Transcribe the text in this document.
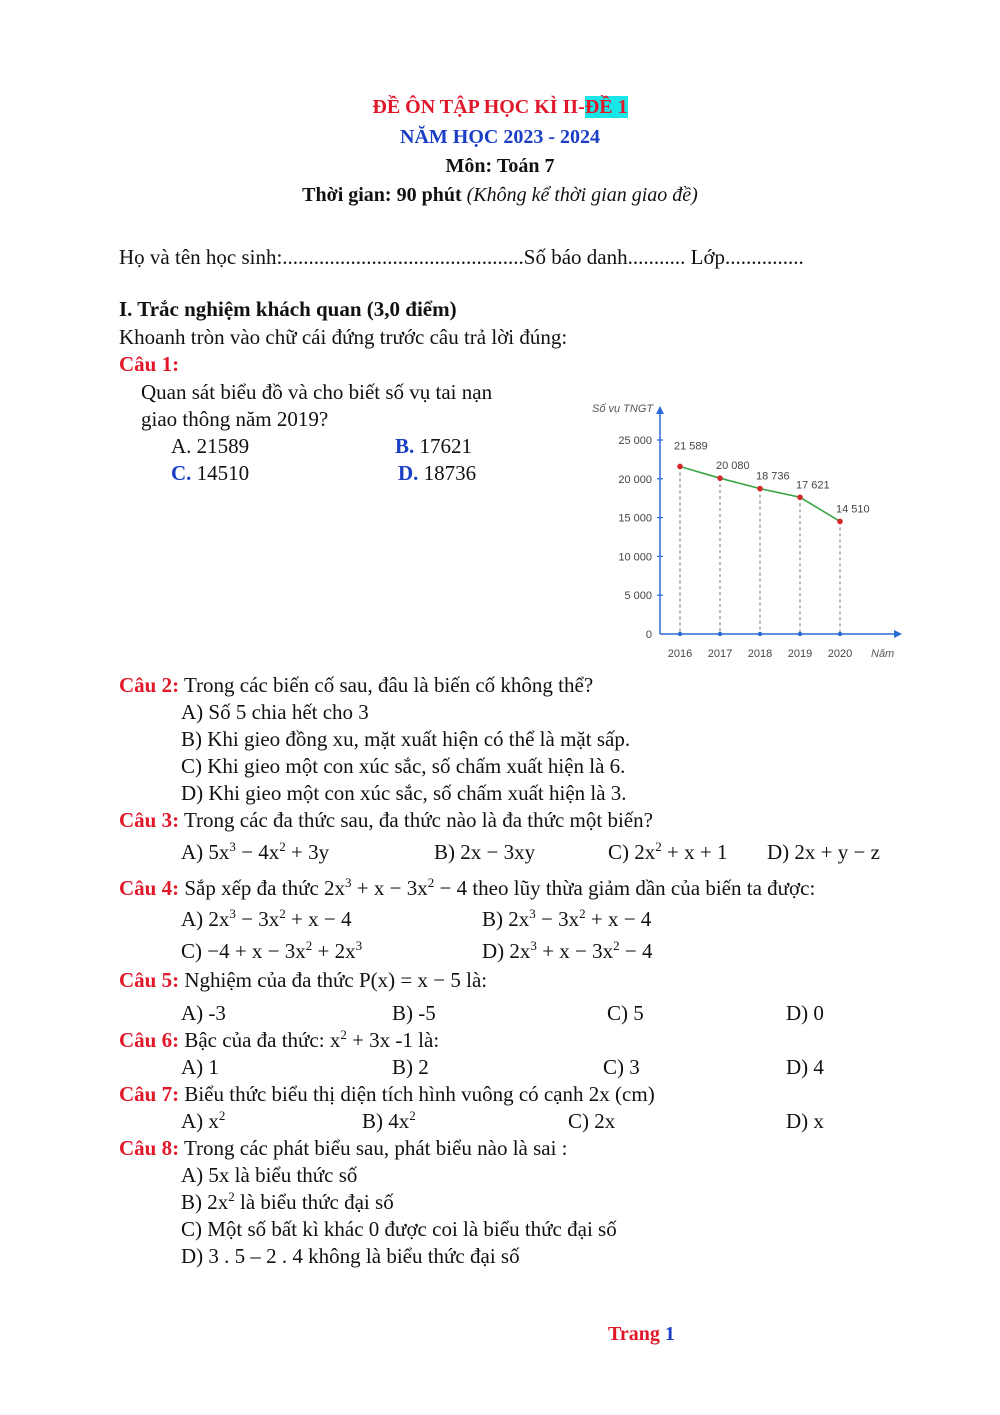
ĐỀ ÔN TẬP HỌC KÌ II-ĐỀ 1
NĂM HỌC 2023 - 2024
Môn: Toán 7
Thời gian: 90 phút (Không kể thời gian giao đề)
Họ và tên học sinh:..............................................Số báo danh........... Lớp...............
I. Trắc nghiệm khách quan (3,0 điểm)
Khoanh tròn vào chữ cái đứng trước câu trả lời đúng:
Câu 1:
Quan sát biểu đồ và cho biết số vụ tai nạn
giao thông năm 2019?
A. 21589	B. 17621
C. 14510	D. 18736
Số vụ TNGT
Năm
0
5 000
10 000
15 000
20 000
25 000
2016 2017 2018 2019 2020
21 589
20 080
18 736
17 621
14 510
Câu 2: Trong các biến cố sau, đâu là biến cố không thể?
A) Số 5 chia hết cho 3
B) Khi gieo đồng xu, mặt xuất hiện có thể là mặt sấp.
C) Khi gieo một con xúc sắc, số chấm xuất hiện là 6.
D) Khi gieo một con xúc sắc, số chấm xuất hiện là 3.
Câu 3: Trong các đa thức sau, đa thức nào là đa thức một biến?
A) $5x^3 - 4x^2 + 3y$	B) 2x − 3xy	C) $2x^2 + x + 1$ D) 2x + y − z
Câu 4: Sắp xếp đa thức $2x^3 + x - 3x^2 - 4$ theo lũy thừa giảm dần của biến ta được:
A) $2x^3 - 3x^2 + x - 4$	B) $2x^3 - 3x^2 + x - 4$
$C) -4 + x - 3x^2 + 2x^3$	D) $2x^3 + x - 3x^2 - 4$
Câu 5: Nghiệm của đa thức P(x) = x − 5 là:
A) -3	B) -5	C) 5	D) 0
Câu 6: Bậc của đa thức: $x^2 + 3x$ -1 là:
A) 1	B) 2	C) 3	D) 4
Câu 7: Biểu thức biểu thị diện tích hình vuông có cạnh 2x (cm)
A) $x^2$	B) $4x^2$	C) 2x	D) x
Câu 8: Trong các phát biểu sau, phát biểu nào là sai :
A) 5x là biểu thức số
B) $2x^2$ là biểu thức đại số
C) Một số bất kì khác 0 được coi là biểu thức đại số
D) 3 . 5 – 2 . 4 không là biểu thức đại số
Trang 1
